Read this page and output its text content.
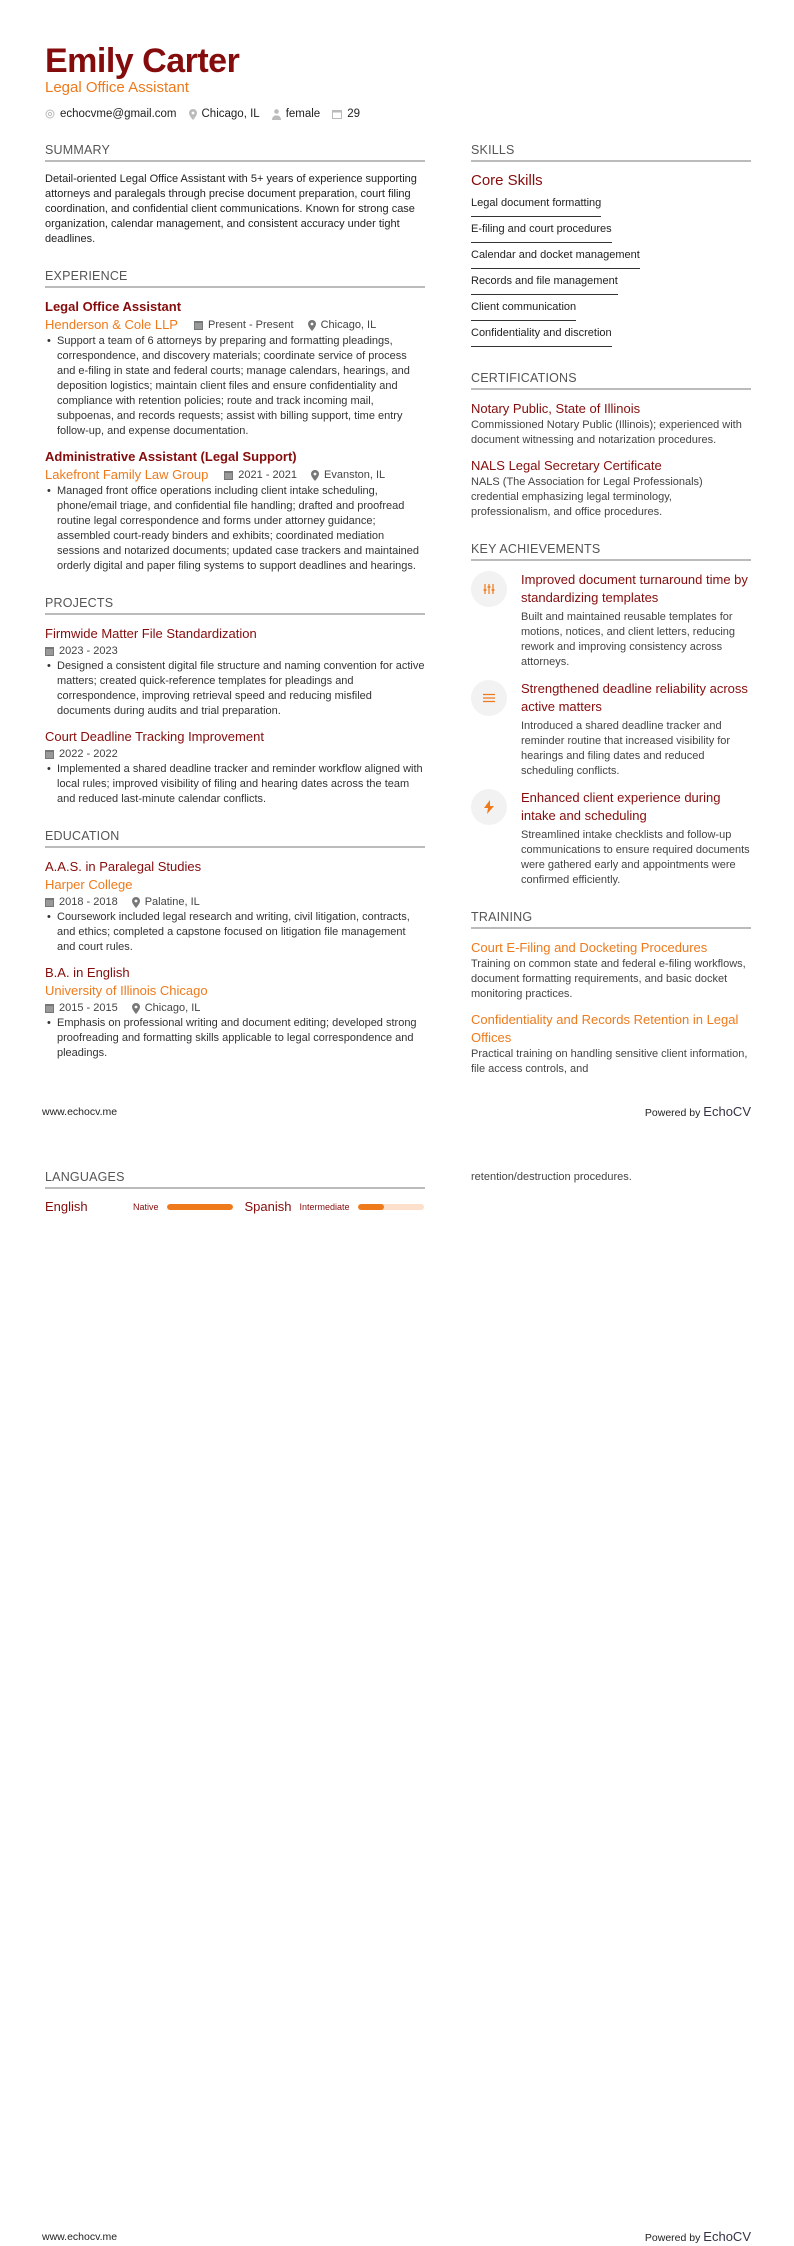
Emily Carter
Legal Office Assistant
echocvme@gmail.com Chicago, IL female 29
SUMMARY

Detail-oriented Legal Office Assistant with 5+ years of experience supporting attorneys and paralegals through precise document preparation, court filing coordination, and confidential client communications. Known for strong case organization, calendar management, and consistent accuracy under tight deadlines.

EXPERIENCE
Legal Office Assistant
Henderson & Cole LLP	Present - Present Chicago, IL
• Support a team of 6 attorneys by preparing and formatting pleadings, correspondence, and discovery materials; coordinate service of process and e-filing in state and federal courts; manage calendars, hearings, and deposition logistics; maintain client files and ensure confidentiality and compliance with retention policies; route and track incoming mail, subpoenas, and records requests; assist with billing support, time entry follow-up, and expense documentation.
Administrative Assistant (Legal Support)
Lakefront Family Law Group	2021 - 2021 Evanston, IL
• Managed front office operations including client intake scheduling, phone/email triage, and confidential file handling; drafted and proofread routine legal correspondence and forms under attorney guidance; assembled court-ready binders and exhibits; coordinated mediation sessions and notarized documents; updated case trackers and maintained orderly digital and paper filing systems to support deadlines and hearings.
PROJECTS
Firmwide Matter File Standardization
2023 - 2023
• Designed a consistent digital file structure and naming convention for active matters; created quick-reference templates for pleadings and correspondence, improving retrieval speed and reducing misfiled documents during audits and trial preparation.
Court Deadline Tracking Improvement
2022 - 2022
• Implemented a shared deadline tracker and reminder workflow aligned with local rules; improved visibility of filing and hearing dates across the team and reduced last-minute calendar conflicts.
EDUCATION
A.A.S. in Paralegal Studies
Harper College
2018 - 2018 Palatine, IL
• Coursework included legal research and writing, civil litigation, contracts, and ethics; completed a capstone focused on litigation file management and court rules.
B.A. in English
University of Illinois Chicago
2015 - 2015 Chicago, IL
• Emphasis on professional writing and document editing; developed strong proofreading and formatting skills applicable to legal correspondence and pleadings.
SKILLS
Core Skills
Legal document formatting
E-filing and court procedures
Calendar and docket management
Records and file management
Client communication
Confidentiality and discretion
CERTIFICATIONS
Notary Public, State of Illinois

Commissioned Notary Public (Illinois); experienced with document witnessing and notarization procedures.

NALS Legal Secretary Certificate

NALS (The Association for Legal Professionals) credential emphasizing legal terminology, professionalism, and office procedures.

KEY ACHIEVEMENTS
Improved document turnaround time by standardizing templates

Built and maintained reusable templates for motions, notices, and client letters, reducing rework and improving consistency across attorneys.

Strengthened deadline reliability across active matters

Introduced a shared deadline tracker and reminder routine that increased visibility for hearings and filing dates and reduced scheduling conflicts.

Enhanced client experience during intake and scheduling

Streamlined intake checklists and follow-up communications to ensure required documents were gathered early and appointments were confirmed efficiently.

TRAINING
Court E-Filing and Docketing Procedures

Training on common state and federal e-filing workflows, document formatting requirements, and basic docket monitoring practices.

Confidentiality and Records Retention in Legal Offices

Practical training on handling sensitive client information, file access controls, and

www.echocv.me	Powered by EchoCV
LANGUAGES
English	Native	Spanish Intermediate

retention/destruction procedures.

www.echocv.me	Powered by EchoCV
